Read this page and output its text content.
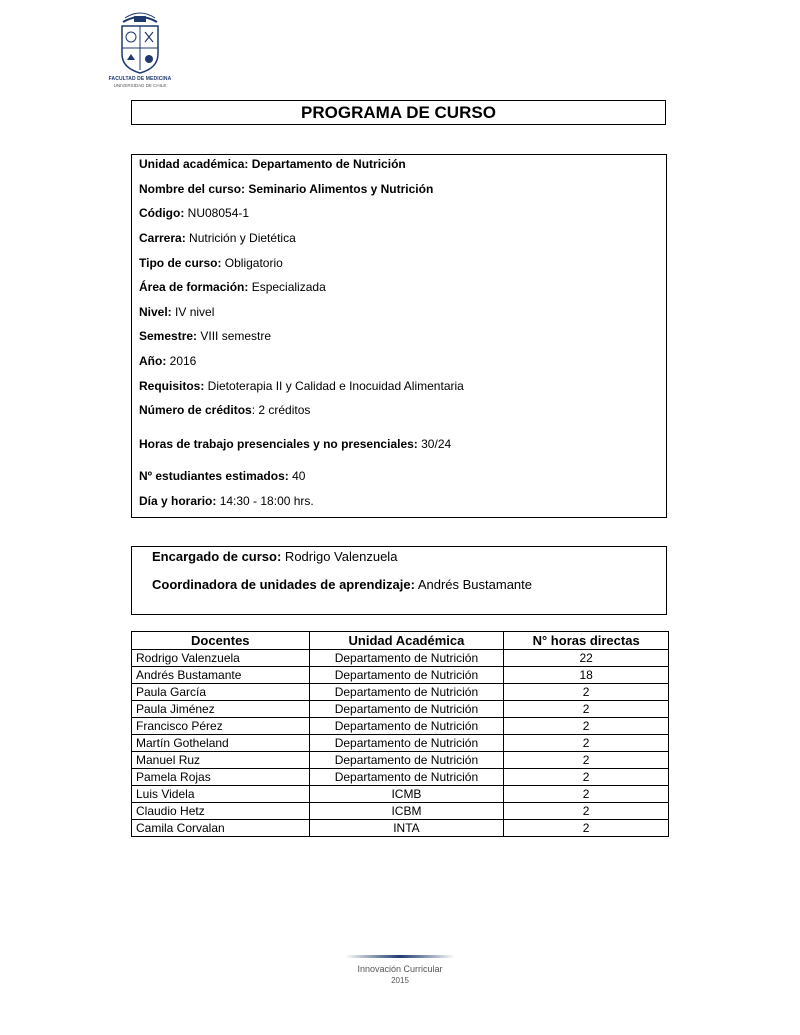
FACULTAD DE MEDICINA
UNIVERSIDAD DE CHILE
PROGRAMA DE CURSO
Unidad académica: Departamento de Nutrición
Nombre del curso: Seminario Alimentos y Nutrición
Código: NU08054-1
Carrera: Nutrición y Dietética
Tipo de curso: Obligatorio
Área de formación: Especializada
Nivel: IV nivel
Semestre: VIII semestre
Año: 2016
Requisitos: Dietoterapia II y Calidad e Inocuidad Alimentaria
Número de créditos: 2 créditos
Horas de trabajo presenciales y no presenciales: 30/24
Nº estudiantes estimados: 40
Día y horario: 14:30 - 18:00 hrs.
Encargado de curso: Rodrigo Valenzuela
Coordinadora de unidades de aprendizaje: Andrés Bustamante
Docentes	Unidad Académica	N° horas directas
Rodrigo Valenzuela	Departamento de Nutrición	22
Andrés Bustamante	Departamento de Nutrición	18
Paula García	Departamento de Nutrición	2
Paula Jiménez	Departamento de Nutrición	2
Francisco Pérez	Departamento de Nutrición	2
Martín Gotheland	Departamento de Nutrición	2
Manuel Ruz	Departamento de Nutrición	2
Pamela Rojas	Departamento de Nutrición	2
Luis Videla	ICMB	2
Claudio Hetz	ICBM	2
Camila Corvalan	INTA	2
Innovación Curricular
2015
